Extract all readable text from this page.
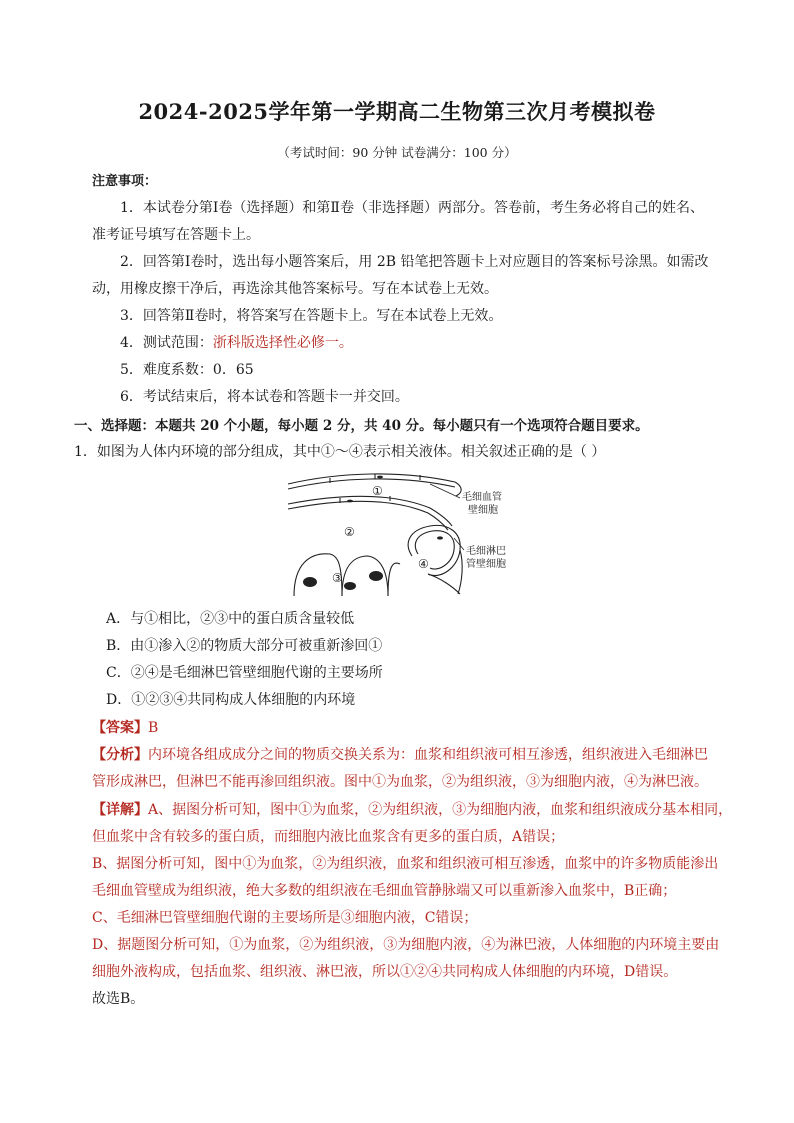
2024-2025学年第一学期高二生物第三次月考模拟卷
（考试时间：90 分钟 试卷满分：100 分）
注意事项：
1．本试卷分第Ⅰ卷（选择题）和第Ⅱ卷（非选择题）两部分。答卷前，考生务必将自己的姓名、
准考证号填写在答题卡上。
2．回答第Ⅰ卷时，选出每小题答案后，用 2B 铅笔把答题卡上对应题目的答案标号涂黑。如需改
动，用橡皮擦干净后，再选涂其他答案标号。写在本试卷上无效。
3．回答第Ⅱ卷时，将答案写在答题卡上。写在本试卷上无效。
4．测试范围：浙科版选择性必修一。
5．难度系数：0．65
6．考试结束后，将本试卷和答题卡一并交回。
一、选择题：本题共 20 个小题，每小题 2 分，共 40 分。每小题只有一个选项符合题目要求。
1．如图为人体内环境的部分组成，其中①～④表示相关液体。相关叙述正确的是（ ）
①
②
③
④
毛细血管
壁细胞
毛细淋巴
管壁细胞
A．与①相比，②③中的蛋白质含量较低
B．由①渗入②的物质大部分可被重新渗回①
C．②④是毛细淋巴管壁细胞代谢的主要场所
D．①②③④共同构成人体细胞的内环境
【答案】B
【分析】内环境各组成成分之间的物质交换关系为：血浆和组织液可相互渗透，组织液进入毛细淋巴
管形成淋巴，但淋巴不能再渗回组织液。图中①为血浆，②为组织液，③为细胞内液，④为淋巴液。
【详解】A、据图分析可知，图中①为血浆，②为组织液，③为细胞内液，血浆和组织液成分基本相同，
但血浆中含有较多的蛋白质，而细胞内液比血浆含有更多的蛋白质，A错误；
B、据图分析可知，图中①为血浆，②为组织液，血浆和组织液可相互渗透，血浆中的许多物质能渗出
毛细血管壁成为组织液，绝大多数的组织液在毛细血管静脉端又可以重新渗入血浆中，B正确；
C、毛细淋巴管壁细胞代谢的主要场所是③细胞内液，C错误；
D、据题图分析可知，①为血浆，②为组织液，③为细胞内液，④为淋巴液，人体细胞的内环境主要由
细胞外液构成，包括血浆、组织液、淋巴液，所以①②④共同构成人体细胞的内环境，D错误。
故选B。
